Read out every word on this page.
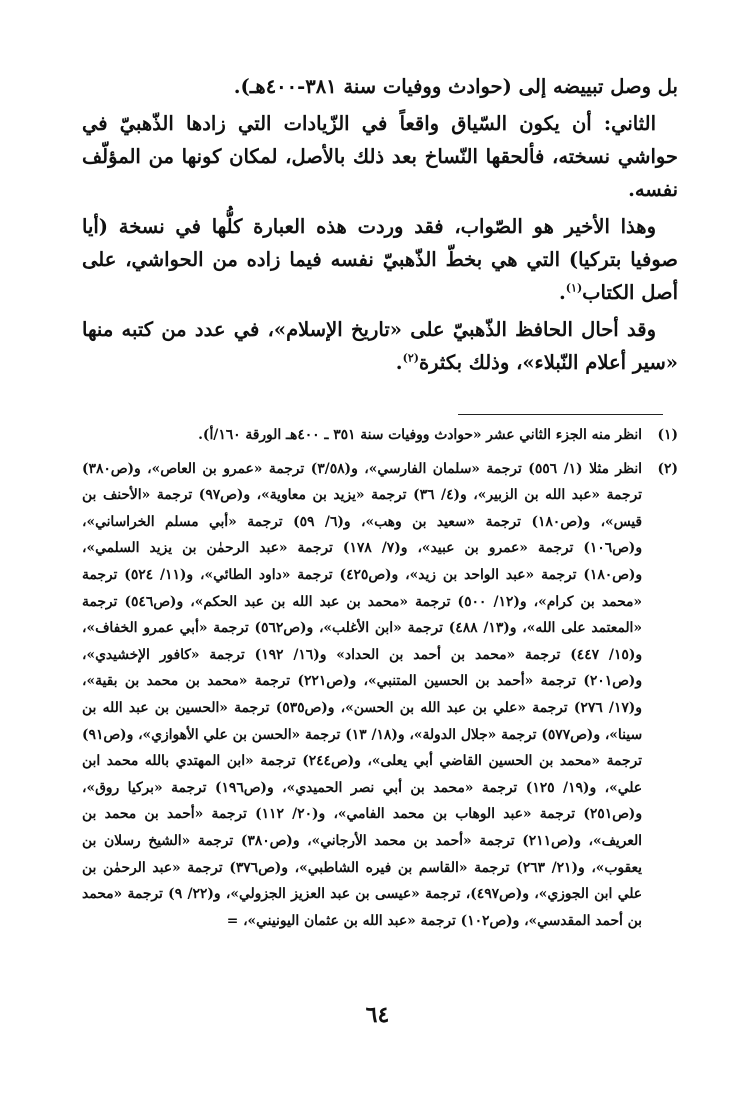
بل وصل تبييضه إلى (حوادث ووفيات سنة ٣٨١-٤٠٠هـ).

الثاني: أن يكون السّياق واقعاً في الزّيادات التي زادها الذّهبيّ في حواشي نسخته، فألحقها النّساخ بعد ذلك بالأصل، لمكان كونها من المؤلّف نفسه.

وهذا الأخير هو الصّواب، فقد وردت هذه العبارة كلُّها في نسخة (أيا صوفيا بتركيا) التي هي بخطّ الذّهبيّ نفسه فيما زاده من الحواشي، على أصل الكتاب$^{(١)}$.

وقد أحال الحافظ الذّهبيّ على «تاريخ الإسلام»، في عدد من كتبه منها «سير أعلام النّبلاء»، وذلك بكثرة$^{(٢)}$.

(١)
انظر منه الجزء الثاني عشر «حوادث ووفيات سنة ٣٥١ ـ ٤٠٠هـ الورقة ١٦٠/أ).
(٢)
انظر مثلا (١/ ٥٥٦) ترجمة «سلمان الفارسي»، و(٣/٥٨) ترجمة «عمرو بن العاص»، و(ص٣٨٠) ترجمة «عبد الله بن الزبير»، و(٤/ ٣٦) ترجمة «يزيد بن معاوية»، و(ص٩٧) ترجمة «الأحنف بن قيس»، و(ص١٨٠) ترجمة «سعيد بن وهب»، و(٦/ ٥٩) ترجمة «أبي مسلم الخراساني»، و(ص١٠٦) ترجمة «عمرو بن عبيد»، و(٧/ ١٧٨) ترجمة «عبد الرحمٰن بن يزيد السلمي»، و(ص١٨٠) ترجمة «عبد الواحد بن زيد»، و(ص٤٢٥) ترجمة «داود الطائي»، و(١١/ ٥٢٤) ترجمة «محمد بن كرام»، و(١٢/ ٥٠٠) ترجمة «محمد بن عبد الله بن عبد الحكم»، و(ص٥٤٦) ترجمة «المعتمد على الله»، و(١٣/ ٤٨٨) ترجمة «ابن الأغلب»، و(ص٥٦٢) ترجمة «أبي عمرو الخفاف»، و(١٥/ ٤٤٧) ترجمة «محمد بن أحمد بن الحداد» و(١٦/ ١٩٢) ترجمة «كافور الإخشيدي»، و(ص٢٠١) ترجمة «أحمد بن الحسين المتنبي»، و(ص٢٢١) ترجمة «محمد بن محمد بن بقية»، و(١٧/ ٢٧٦) ترجمة «علي بن عبد الله بن الحسن»، و(ص٥٣٥) ترجمة «الحسين بن عبد الله بن سينا»، و(ص٥٧٧) ترجمة «جلال الدولة»، و(١٨/ ١٣) ترجمة «الحسن بن علي الأهوازي»، و(ص٩١) ترجمة «محمد بن الحسين القاضي أبي يعلى»، و(ص٢٤٤) ترجمة «ابن المهتدي بالله محمد ابن علي»، و(١٩/ ١٢٥) ترجمة «محمد بن أبي نصر الحميدي»، و(ص١٩٦) ترجمة «بركيا روق»، و(ص٢٥١) ترجمة «عبد الوهاب بن محمد الفامي»، و(٢٠/ ١١٢) ترجمة «أحمد بن محمد بن العريف»، و(ص٢١١) ترجمة «أحمد بن محمد الأرجاني»، و(ص٣٨٠) ترجمة «الشيخ رسلان بن يعقوب»، و(٢١/ ٢٦٣) ترجمة «القاسم بن فيره الشاطبي»، و(ص٣٧٦) ترجمة «عبد الرحمٰن بن علي ابن الجوزي»، و(ص٤٩٧)، ترجمة «عيسى بن عبد العزيز الجزولي»، و(٢٢/ ٩) ترجمة «محمد بن أحمد المقدسي»، و(ص١٠٢) ترجمة «عبد الله بن عثمان اليونيني»، =
٦٤
